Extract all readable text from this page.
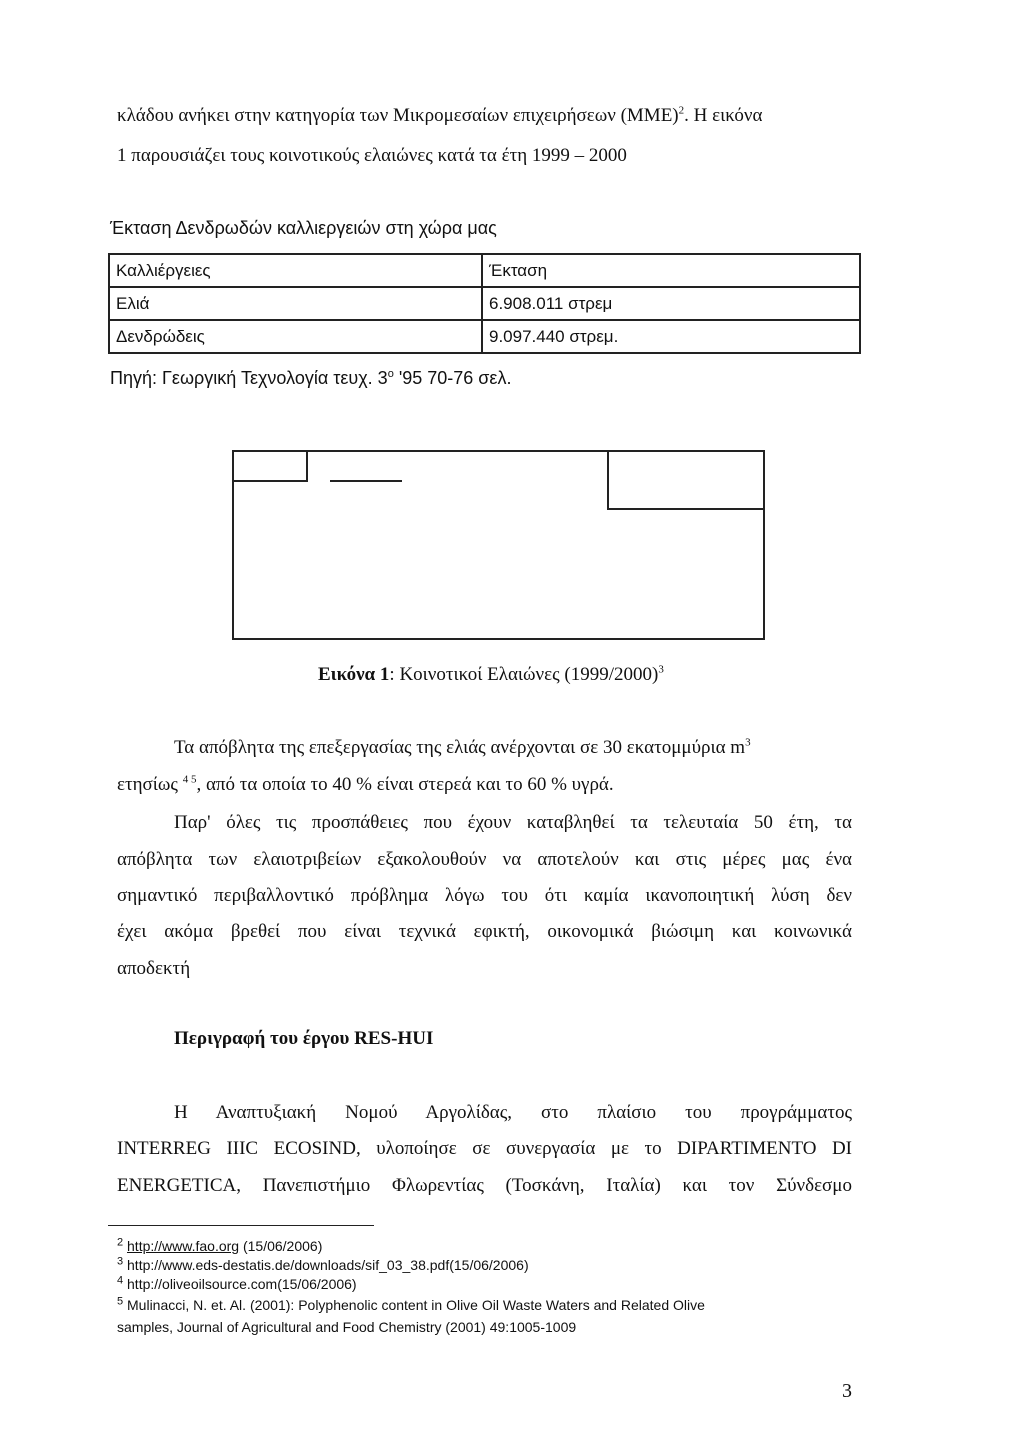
κλάδου ανήκει στην κατηγορία των Μικρομεσαίων επιχειρήσεων $(MME)^2$. Η εικόνα
1 παρουσιάζει τους κοινοτικούς ελαιώνες κατά τα έτη 1999 – 2000
Έκταση Δενδρωδών καλλιεργειών στη χώρα μας
Καλλιέργειες	Έκταση
Ελιά	6.908.011 στρεμ
Δενδρώδεις	9.097.440 στρεμ.
Πηγή: Γεωργική Τεχνολογία τευχ. $3^o$ '95 70-76 σελ.
Εικόνα 1: Κοινοτικοί Ελαιώνες $(1999/2000)^3$
Τα απόβλητα της επεξεργασίας της ελιάς ανέρχονται σε 30 εκατομμύρια $m^3$
ετησίως $^{4 5}$, από τα οποία το 40 % είναι στερεά και το 60 % υγρά.
Παρ' όλες τις προσπάθειες που έχουν καταβληθεί τα τελευταία 50 έτη, τα
απόβλητα των ελαιοτριβείων εξακολουθούν να αποτελούν και στις μέρες μας ένα
σημαντικό περιβαλλοντικό πρόβλημα λόγω του ότι καμία ικανοποιητική λύση δεν
έχει ακόμα βρεθεί που είναι τεχνικά εφικτή, οικονομικά βιώσιμη και κοινωνικά
αποδεκτή
Περιγραφή του έργου RES-HUI
Η Αναπτυξιακή Νομού Αργολίδας, στο πλαίσιο του προγράμματος
INTERREG IIIC ECOSIND, υλοποίησε σε συνεργασία με το DIPARTIMENTO DI
ENERGETICA, Πανεπιστήμιο Φλωρεντίας (Τοσκάνη, Ιταλία) και τον Σύνδεσμο
$^2$ http://www.fao.org (15/06/2006)
$^3$ http://www.eds-destatis.de/downloads/sif_03_38.pdf(15/06/2006)
$^4$ http://oliveoilsource.com(15/06/2006)
$^5$ Mulinacci, N. et. Al. (2001): Polyphenolic content in Olive Oil Waste Waters and Related Olive
samples, Journal of Agricultural and Food Chemistry (2001) 49:1005-1009
3
